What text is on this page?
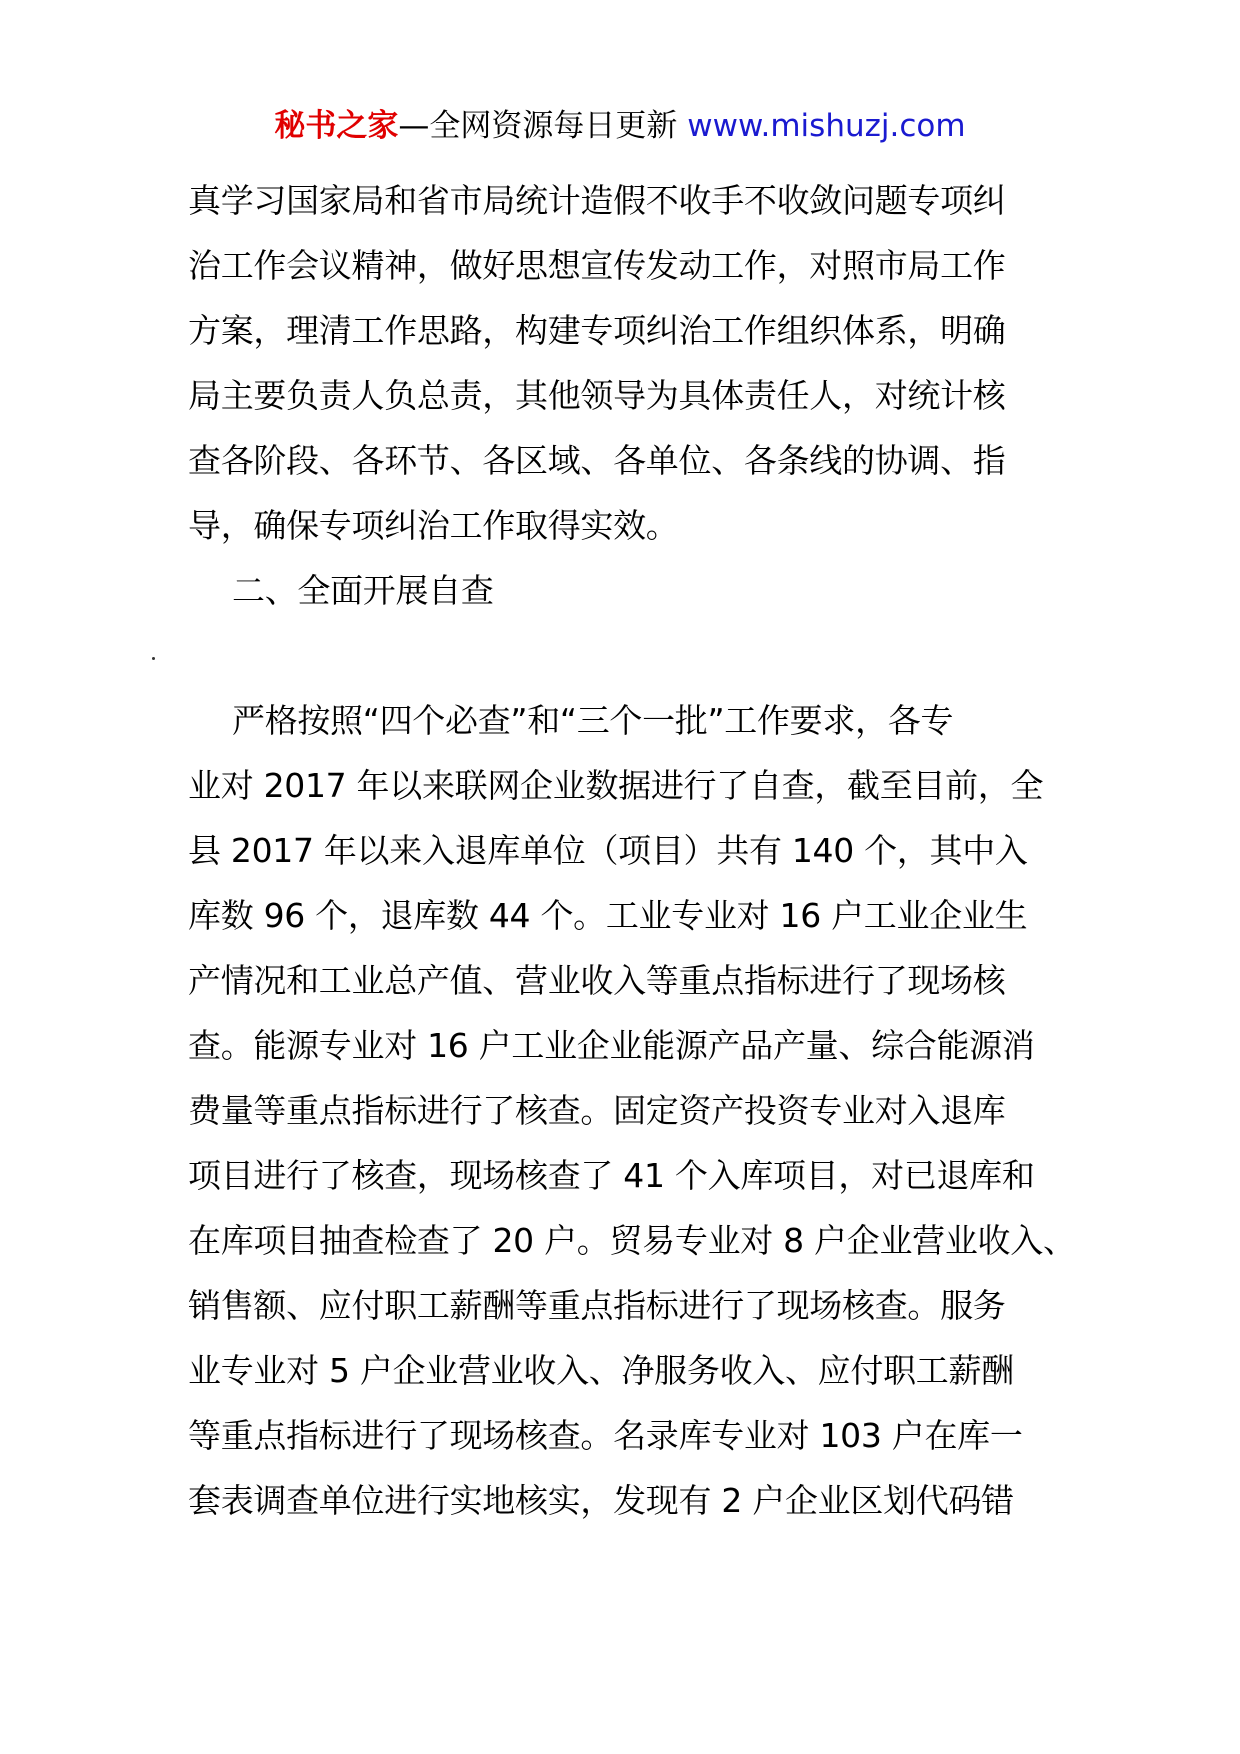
秘书之家—全网资源每日更新 www.mishuzj.com
真学习国家局和省市局统计造假不收手不收敛问题专项纠
治工作会议精神，做好思想宣传发动工作，对照市局工作
方案，理清工作思路，构建专项纠治工作组织体系，明确
局主要负责人负总责，其他领导为具体责任人，对统计核
查各阶段、各环节、各区域、各单位、各条线的协调、指
导，确保专项纠治工作取得实效。
二、全面开展自查
严格按照“四个必查”和“三个一批”工作要求，各专
业对 2017 年以来联网企业数据进行了自查，截至目前，全
县 2017 年以来入退库单位（项目）共有 140 个，其中入
库数 96 个，退库数 44 个。工业专业对 16 户工业企业生
产情况和工业总产值、营业收入等重点指标进行了现场核
查。能源专业对 16 户工业企业能源产品产量、综合能源消
费量等重点指标进行了核查。固定资产投资专业对入退库
项目进行了核查，现场核查了 41 个入库项目，对已退库和
在库项目抽查检查了 20 户。贸易专业对 8 户企业营业收入、
销售额、应付职工薪酬等重点指标进行了现场核查。服务
业专业对 5 户企业营业收入、净服务收入、应付职工薪酬
等重点指标进行了现场核查。名录库专业对 103 户在库一
套表调查单位进行实地核实，发现有 2 户企业区划代码错
